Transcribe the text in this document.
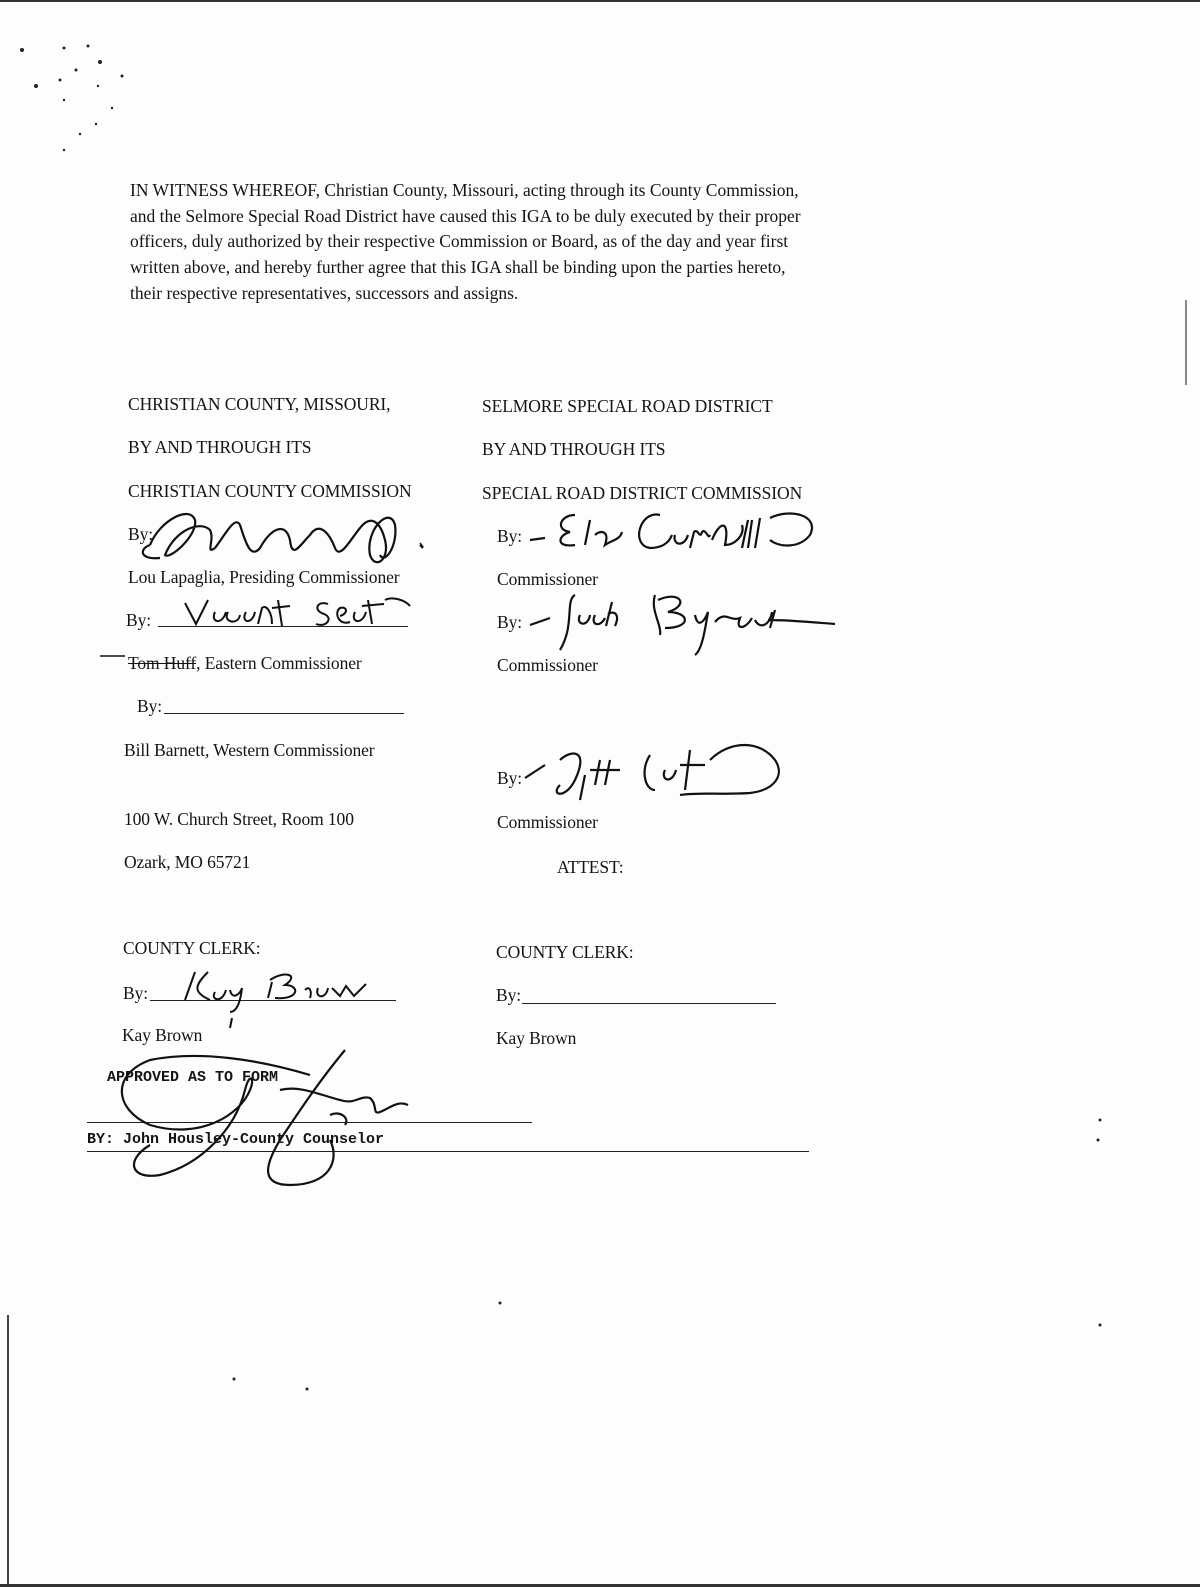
IN WITNESS WHEREOF, Christian County, Missouri, acting through its County Commission, and the Selmore Special Road District have caused this IGA to be duly executed by their proper officers, duly authorized by their respective Commission or Board, as of the day and year first written above, and hereby further agree that this IGA shall be binding upon the parties hereto, their respective representatives, successors and assigns.
CHRISTIAN COUNTY, MISSOURI,
BY AND THROUGH ITS
CHRISTIAN COUNTY COMMISSION
By:
Lou Lapaglia, Presiding Commissioner
By:
Tom Huff, Eastern Commissioner
By:
Bill Barnett, Western Commissioner
100 W. Church Street, Room 100
Ozark, MO 65721
COUNTY CLERK:
By:
Kay Brown
SELMORE SPECIAL ROAD DISTRICT
BY AND THROUGH ITS
SPECIAL ROAD DISTRICT COMMISSION
By:
Commissioner
By:
Commissioner
By:
Commissioner
ATTEST:
COUNTY CLERK:
By:
Kay Brown
APPROVED AS TO FORM
BY: John Housley-County Counselor
